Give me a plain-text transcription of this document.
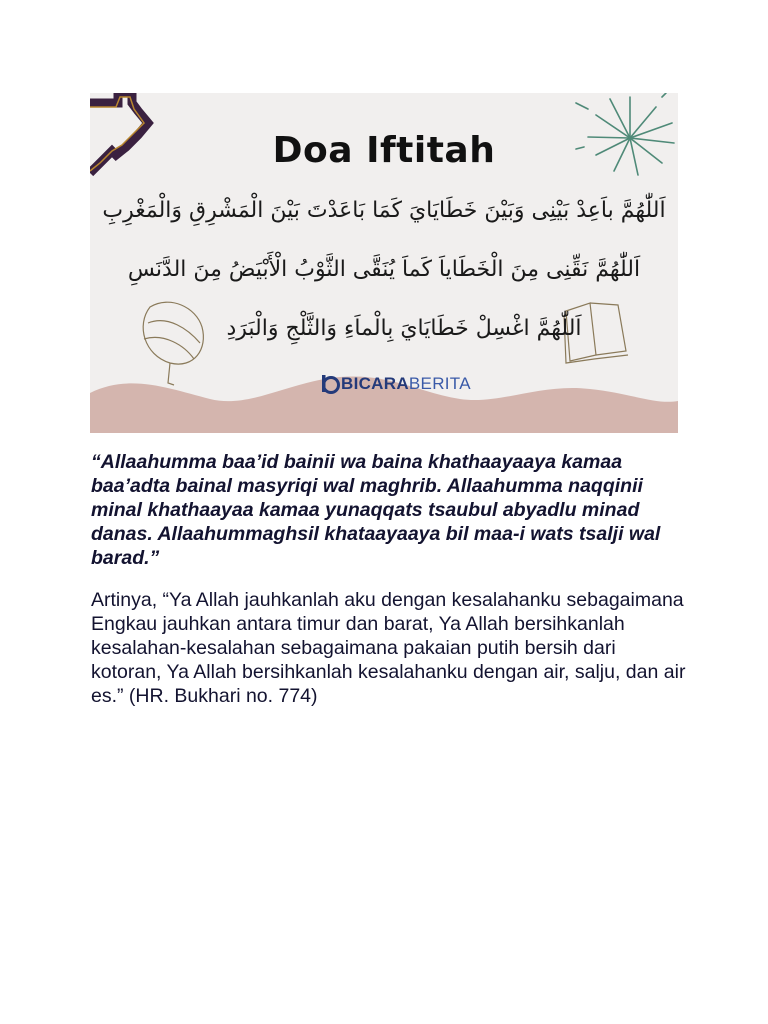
Doa Iftitah
اَللّٰهُمَّ باَعِدْ بَيْنِى وَبَيْنَ خَطَايَايَ كَمَا بَاعَدْتَ بَيْنَ الْمَشْرِقِ وَالْمَغْرِبِ
اَللّٰهُمَّ نَقِّنِى مِنَ الْخَطَاياَ كَماَ يُنَقَّى الثَّوْبُ الْأَبْيَضُ مِنَ الدَّنَسِ
اَللّٰهُمَّ اغْسِلْ خَطَايَايَ بِالْماَءِ وَالثَّلْجِ وَالْبَرَدِ
BICARA BERITA

“Allaahumma baa’id bainii wa baina khathaayaaya kamaa baa’adta bainal masyriqi wal maghrib. Allaahumma naqqinii minal khathaayaa kamaa yunaqqats tsaubul abyadlu minad danas. Allaahummaghsil khataayaaya bil maa-i wats tsalji wal barad.”

Artinya, “Ya Allah jauhkanlah aku dengan kesalahanku sebagaimana Engkau jauhkan antara timur dan barat, Ya Allah bersihkanlah kesalahan-kesalahan sebagaimana pakaian putih bersih dari kotoran, Ya Allah bersihkanlah kesalahanku dengan air, salju, dan air es.” (HR. Bukhari no. 774)
